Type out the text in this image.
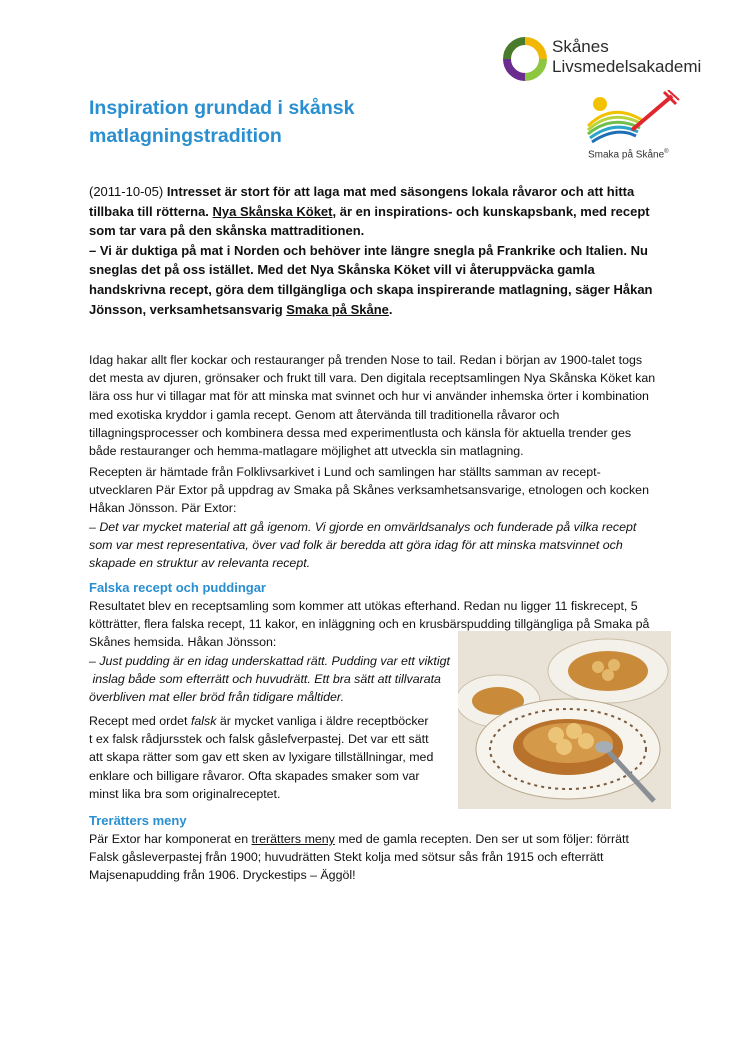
Skånes
Livsmedelsakademi
Smaka på Skåne®
Inspiration grundad i skånsk
matlagningstradition

(2011-10-05) Intresset är stort för att laga mat med säsongens lokala råvaror och att hitta tillbaka till rötterna. Nya Skånska Köket, är en inspirations- och kunskapsbank, med recept som tar vara på den skånska mattraditionen.
– Vi är duktiga på mat i Norden och behöver inte längre snegla på Frankrike och Italien. Nu sneglas det på oss istället. Med det Nya Skånska Köket vill vi återuppväcka gamla handskrivna recept, göra dem tillgängliga och skapa inspirerande matlagning, säger Håkan Jönsson, verksamhetsansvarig Smaka på Skåne.

Idag hakar allt fler kockar och restauranger på trenden Nose to tail. Redan i början av 1900-talet togs det mesta av djuren, grönsaker och frukt till vara. Den digitala receptsamlingen Nya Skånska Köket kan lära oss hur vi tillagar mat för att minska mat svinnet och hur vi använder inhemska örter i kombination med exotiska kryddor i gamla recept. Genom att återvända till traditionella råvaror och tillagningsprocesser och kombinera dessa med experimentlusta och känsla för aktuella trender ges både restauranger och hemma-matlagare möjlighet att utveckla sin matlagning.

Recepten är hämtade från Folklivsarkivet i Lund och samlingen har ställts samman av recept-utvecklaren Pär Extor på uppdrag av Smaka på Skånes verksamhetsansvarige, etnologen och kocken Håkan Jönsson. Pär Extor:

– Det var mycket material att gå igenom. Vi gjorde en omvärldsanalys och funderade på vilka recept som var mest representativa, över vad folk är beredda att göra idag för att minska matsvinnet och skapade en struktur av relevanta recept.

Falska recept och puddingar

Resultatet blev en receptsamling som kommer att utökas efterhand. Redan nu ligger 11 fiskrecept, 5 kötträtter, flera falska recept, 11 kakor, en inläggning och en krusbärspudding tillgängliga på Smaka på Skånes hemsida. Håkan Jönsson:

– Just pudding är en idag underskattad rätt. Pudding var ett viktigt

inslag både som efterrätt och huvudrätt. Ett bra sätt att tillvarata

överbliven mat eller bröd från tidigare måltider.

Recept med ordet falsk är mycket vanliga i äldre receptböcker

t ex falsk rådjursstek och falsk gåslefverpastej. Det var ett sätt

att skapa rätter som gav ett sken av lyxigare tillställningar, med

enklare och billigare råvaror. Ofta skapades smaker som var

minst lika bra som originalreceptet.

Trerätters meny

Pär Extor har komponerat en trerätters meny med de gamla recepten. Den ser ut som följer: förrätt Falsk gåsleverpastej från 1900; huvudrätten Stekt kolja med sötsur sås från 1915 och efterrätt Majsenapudding från 1906. Dryckestips – Äggöl!
